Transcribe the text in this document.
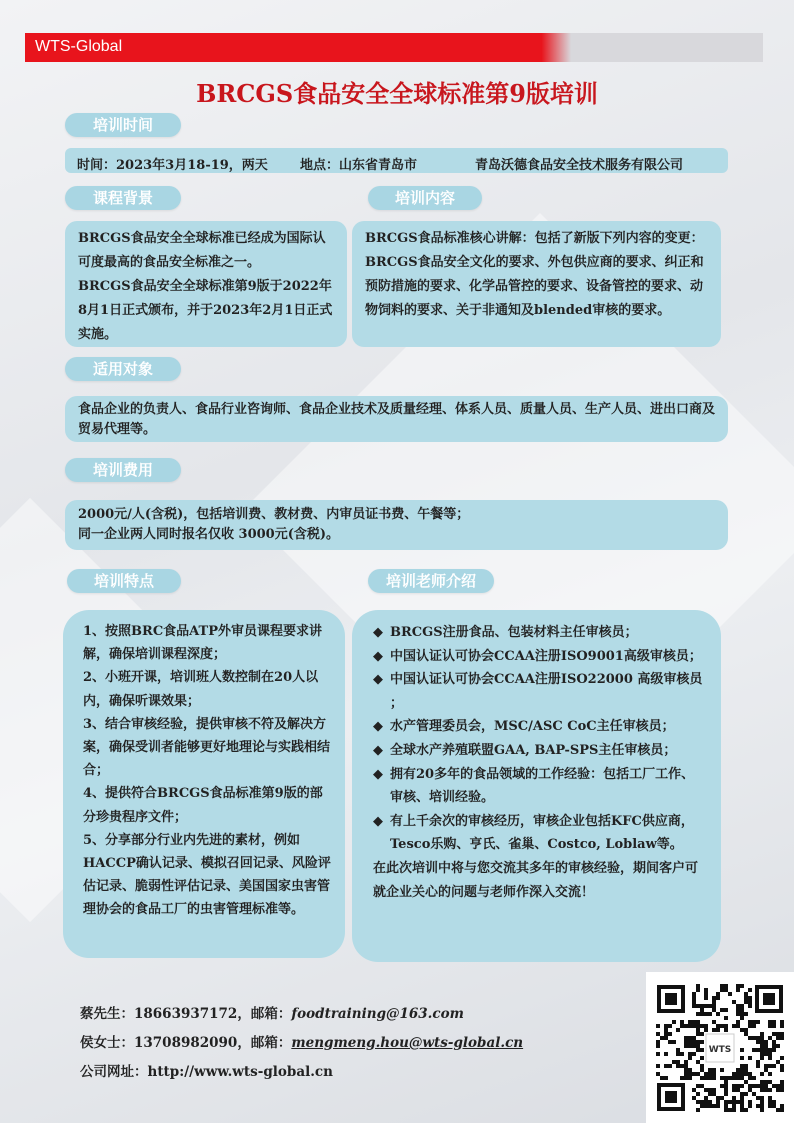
WTS-Global
BRCGS食品安全全球标准第9版培训
培训时间
时间：2023年3月18-19，两天 地点：山东省青岛市	青岛沃德食品安全技术服务有限公司
课程背景	培训内容

BRCGS食品安全全球标准已经成为国际认可度最高的食品安全标准之一。

BRCGS食品安全全球标准第9版于2022年8月1日正式颁布，并于2023年2月1日正式实施。

BRCGS食品标准核心讲解：包括了新版下列内容的变更：BRCGS食品安全文化的要求、外包供应商的要求、纠正和预防措施的要求、化学品管控的要求、设备管控的要求、动物饲料的要求、关于非通知及blended审核的要求。

适用对象

食品企业的负责人、食品行业咨询师、食品企业技术及质量经理、体系人员、质量人员、生产人员、进出口商及贸易代理等。

培训费用

2000元/人(含税)，包括培训费、教材费、内审员证书费、午餐等；

同一企业两人同时报名仅收 3000元(含税)。

培训特点	培训老师介绍

1、按照BRC食品ATP外审员课程要求讲解，确保培训课程深度；

2、小班开课，培训班人数控制在20人以内，确保听课效果；

3、结合审核经验，提供审核不符及解决方案，确保受训者能够更好地理论与实践相结合；

4、提供符合BRCGS食品标准第9版的部分珍贵程序文件；

5、分享部分行业内先进的素材，例如HACCP确认记录、模拟召回记录、风险评估记录、脆弱性评估记录、美国国家虫害管理协会的食品工厂的虫害管理标准等。

◆ BRCGS注册食品、包装材料主任审核员；
◆ 中国认证认可协会CCAA注册ISO9001高级审核员；
◆ 中国认证认可协会CCAA注册ISO22000 高级审核员 ；
◆ 水产管理委员会，MSC/ASC CoC主任审核员；
◆ 全球水产养殖联盟GAA, BAP-SPS主任审核员；
◆ 拥有20多年的食品领域的工作经验：包括工厂工作、审核、培训经验。
◆ 有上千余次的审核经历，审核企业包括KFC供应商，Tesco乐购、亨氏、雀巢、Costco, Loblaw等。

在此次培训中将与您交流其多年的审核经验，期间客户可就企业关心的问题与老师作深入交流！

蔡先生：18663937172，邮箱：foodtraining@163.com
侯女士：13708982090，邮箱：mengmeng.hou@wts-global.cn
公司网址：http://www.wts-global.cn
WTS
